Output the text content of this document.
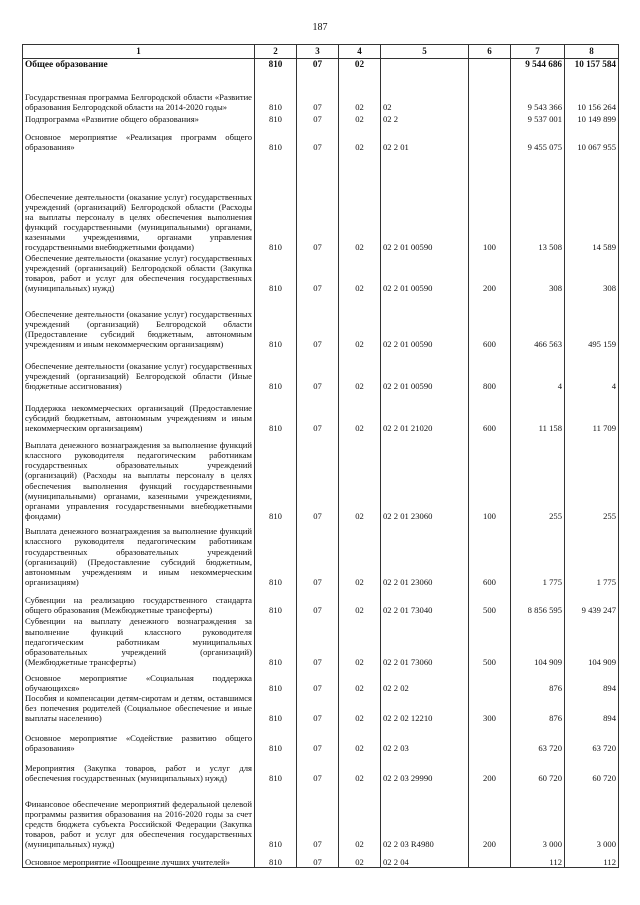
187
1	2	3	4	5	6	7	8
Общее образование	810	07	02			9 544 686	10 157 584
Государственная программа Белгородской области «Развитие образования Белгородской области на 2014-2020 годы»	810	07	02	02		9 543 366	10 156 264
Подпрограмма «Развитие общего образования»	810	07	02	02 2		9 537 001	10 149 899
Основное мероприятие «Реализация программ общего образования»	810	07	02	02 2 01		9 455 075	10 067 955
Обеспечение деятельности (оказание услуг) государственных учреждений (организаций) Белгородской области (Расходы на выплаты персоналу в целях обеспечения выполнения функций государственными (муниципальными) органами, казенными учреждениями, органами управления государственными внебюджетными фондами)	810	07	02	02 2 01 00590	100	13 508	14 589
Обеспечение деятельности (оказание услуг) государственных учреждений (организаций) Белгородской области (Закупка товаров, работ и услуг для обеспечения государственных (муниципальных) нужд)	810	07	02	02 2 01 00590	200	308	308
Обеспечение деятельности (оказание услуг) государственных учреждений (организаций) Белгородской области (Предоставление субсидий бюджетным, автономным учреждениям и иным некоммерческим организациям)	810	07	02	02 2 01 00590	600	466 563	495 159
Обеспечение деятельности (оказание услуг) государственных учреждений (организаций) Белгородской области (Иные бюджетные ассигнования)	810	07	02	02 2 01 00590	800	4	4
Поддержка некоммерческих организаций (Предоставление субсидий бюджетным, автономным учреждениям и иным некоммерческим организациям)	810	07	02	02 2 01 21020	600	11 158	11 709
Выплата денежного вознаграждения за выполнение функций классного руководителя педагогическим работникам государственных образовательных учреждений (организаций) (Расходы на выплаты персоналу в целях обеспечения выполнения функций государственными (муниципальными) органами, казенными учреждениями, органами управления государственными внебюджетными фондами)	810	07	02	02 2 01 23060	100	255	255
Выплата денежного вознаграждения за выполнение функций классного руководителя педагогическим работникам государственных образовательных учреждений (организаций) (Предоставление субсидий бюджетным, автономным учреждениям и иным некоммерческим организациям)	810	07	02	02 2 01 23060	600	1 775	1 775
Субвенции на реализацию государственного стандарта общего образования (Межбюджетные трансферты)	810	07	02	02 2 01 73040	500	8 856 595	9 439 247
Субвенции на выплату денежного вознаграждения за выполнение функций классного руководителя педагогическим работникам муниципальных образовательных учреждений (организаций) (Межбюджетные трансферты)	810	07	02	02 2 01 73060	500	104 909	104 909
Основное мероприятие «Социальная поддержка обучающихся»	810	07	02	02 2 02		876	894
Пособия и компенсации детям-сиротам и детям, оставшимся без попечения родителей (Социальное обеспечение и иные выплаты населению)	810	07	02	02 2 02 12210	300	876	894
Основное мероприятие «Содействие развитию общего образования»	810	07	02	02 2 03		63 720	63 720
Мероприятия (Закупка товаров, работ и услуг для обеспечения государственных (муниципальных) нужд)	810	07	02	02 2 03 29990	200	60 720	60 720
Финансовое обеспечение мероприятий федеральной целевой программы развития образования на 2016-2020 годы за счет средств бюджета субъекта Российской Федерации (Закупка товаров, работ и услуг для обеспечения государственных (муниципальных) нужд)	810	07	02	02 2 03 R4980	200	3 000	3 000
Основное мероприятие «Поощрение лучших учителей»	810	07	02	02 2 04		112	112
